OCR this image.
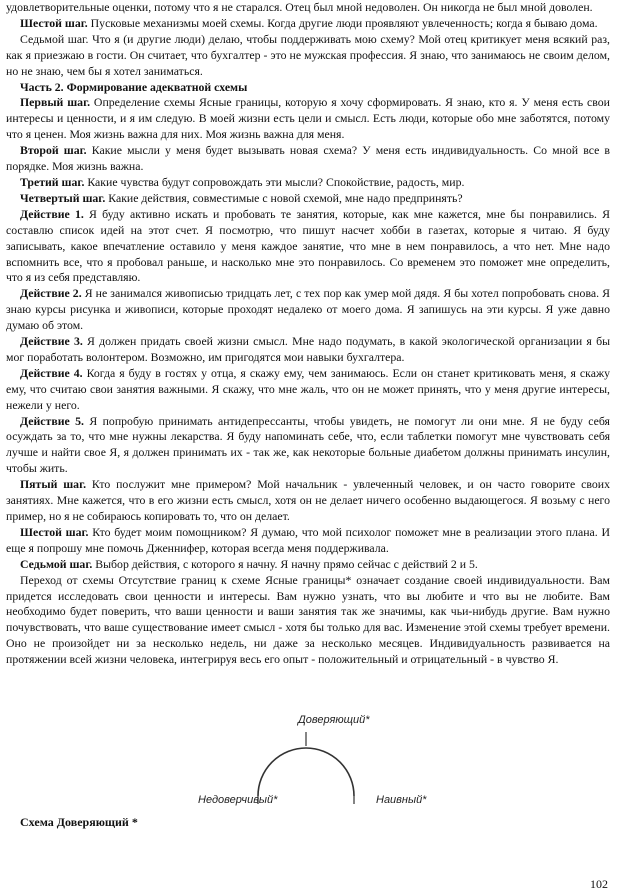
удовлетворительные оценки, потому что я не старался. Отец был мной недоволен. Он никогда не был мной доволен.

Шестой шаг. Пусковые механизмы моей схемы. Когда другие люди проявляют увлеченность; когда я бываю дома.

Седьмой шаг. Что я (и другие люди) делаю, чтобы поддерживать мою схему? Мой отец критикует меня всякий раз, как я приезжаю в гости. Он считает, что бухгалтер - это не мужская профессия. Я знаю, что занимаюсь не своим делом, но не знаю, чем бы я хотел заниматься.

Часть 2. Формирование адекватной схемы

Первый шаг. Определение схемы Ясные границы, которую я хочу сформировать. Я знаю, кто я. У меня есть свои интересы и ценности, и я им следую. В моей жизни есть цели и смысл. Есть люди, которые обо мне заботятся, потому что я ценен. Моя жизнь важна для них. Моя жизнь важна для меня.

Второй шаг. Какие мысли у меня будет вызывать новая схема? У меня есть индивидуальность. Со мной все в порядке. Моя жизнь важна.

Третий шаг. Какие чувства будут сопровождать эти мысли? Спокойствие, радость, мир.

Четвертый шаг. Какие действия, совместимые с новой схемой, мне надо предпринять?

Действие 1. Я буду активно искать и пробовать те занятия, которые, как мне кажется, мне бы понравились. Я составлю список идей на этот счет. Я посмотрю, что пишут насчет хобби в газетах, которые я читаю. Я буду записывать, какое впечатление оставило у меня каждое занятие, что мне в нем понравилось, а что нет. Мне надо вспомнить все, что я пробовал раньше, и насколько мне это понравилось. Со временем это поможет мне определить, что я из себя представляю.

Действие 2. Я не занимался живописью тридцать лет, с тех пор как умер мой дядя. Я бы хотел попробовать снова. Я знаю курсы рисунка и живописи, которые проходят недалеко от моего дома. Я запишусь на эти курсы. Я уже давно думаю об этом.

Действие 3. Я должен придать своей жизни смысл. Мне надо подумать, в какой экологической организации я бы мог поработать волонтером. Возможно, им пригодятся мои навыки бухгалтера.

Действие 4. Когда я буду в гостях у отца, я скажу ему, чем занимаюсь. Если он станет критиковать меня, я скажу ему, что считаю свои занятия важными. Я скажу, что мне жаль, что он не может принять, что у меня другие интересы, нежели у него.

Действие 5. Я попробую принимать антидепрессанты, чтобы увидеть, не помогут ли они мне. Я не буду себя осуждать за то, что мне нужны лекарства. Я буду напоминать себе, что, если таблетки помогут мне чувствовать себя лучше и найти свое Я, я должен принимать их - так же, как некоторые больные диабетом должны принимать инсулин, чтобы жить.

Пятый шаг. Кто послужит мне примером? Мой начальник - увлеченный человек, и он часто говорите своих занятиях. Мне кажется, что в его жизни есть смысл, хотя он не делает ничего особенно выдающегося. Я возьму с него пример, но я не собираюсь копировать то, что он делает.

Шестой шаг. Кто будет моим помощником? Я думаю, что мой психолог поможет мне в реализации этого плана. И еще я попрошу мне помочь Дженнифер, которая всегда меня поддерживала.

Седьмой шаг. Выбор действия, с которого я начну. Я начну прямо сейчас с действий 2 и 5.

Переход от схемы Отсутствие границ к схеме Ясные границы* означает создание своей индивидуальности. Вам придется исследовать свои ценности и интересы. Вам нужно узнать, что вы любите и что вы не любите. Вам необходимо будет поверить, что ваши ценности и ваши занятия так же значимы, как чьи-нибудь другие. Вам нужно почувствовать, что ваше существование имеет смысл - хотя бы только для вас. Изменение этой схемы требует времени. Оно не произойдет ни за несколько недель, ни даже за несколько месяцев. Индивидуальность развивается на протяжении всей жизни человека, интегрируя весь его опыт - положительный и отрицательный - в чувство Я.

Доверяющий*
Недоверчивый*	Наивный*
Схема Доверяющий *
102
